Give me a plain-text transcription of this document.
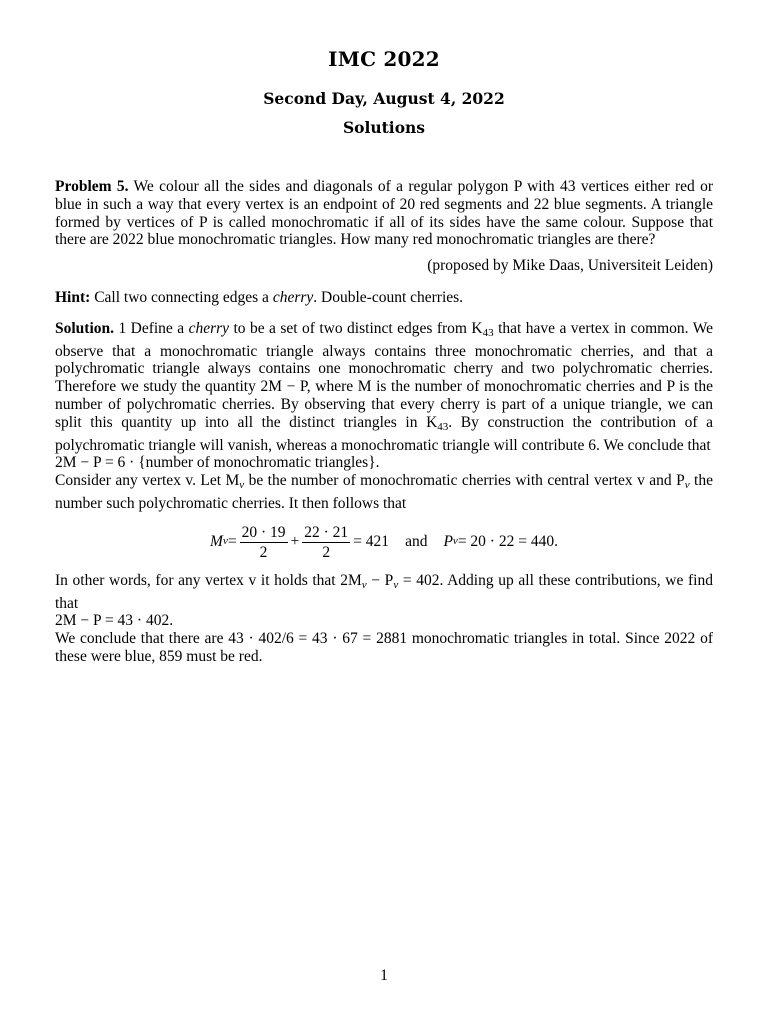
IMC 2022
Second Day, August 4, 2022
Solutions

Problem 5. We colour all the sides and diagonals of a regular polygon P with 43 vertices either red or blue in such a way that every vertex is an endpoint of 20 red segments and 22 blue segments. A triangle formed by vertices of P is called monochromatic if all of its sides have the same colour. Suppose that there are 2022 blue monochromatic triangles. How many red monochromatic triangles are there?

(proposed by Mike Daas, Universiteit Leiden)

Hint: Call two connecting edges a cherry. Double-count cherries.

Solution. 1 Define a cherry to be a set of two distinct edges from K43 that have a vertex in common. We observe that a monochromatic triangle always contains three monochromatic cherries, and that a polychromatic triangle always contains one monochromatic cherry and two polychromatic cherries. Therefore we study the quantity 2M − P, where M is the number of monochromatic cherries and P is the number of polychromatic cherries. By observing that every cherry is part of a unique triangle, we can split this quantity up into all the distinct triangles in K43. By construction the contribution of a polychromatic triangle will vanish, whereas a monochromatic triangle will contribute 6. We conclude that

2M − P = 6 · {number of monochromatic triangles}.

Consider any vertex v. Let $M_v$ be the number of monochromatic cherries with central vertex v and $P_v$ the number such polychromatic cherries. It then follows that

M $v = \frac{20 \cdot 19}{2} + \frac{22 \cdot 21}{2} = 421$ and P v = 20 · 22 = 440.

In other words, for any vertex v it holds that $2M_v - P_v = 402$. Adding up all these contributions, we find that

2M − P = 43 · 402.

We conclude that there are 43 · 402/6 = 43 · 67 = 2881 monochromatic triangles in total. Since 2022 of these were blue, 859 must be red.

1
